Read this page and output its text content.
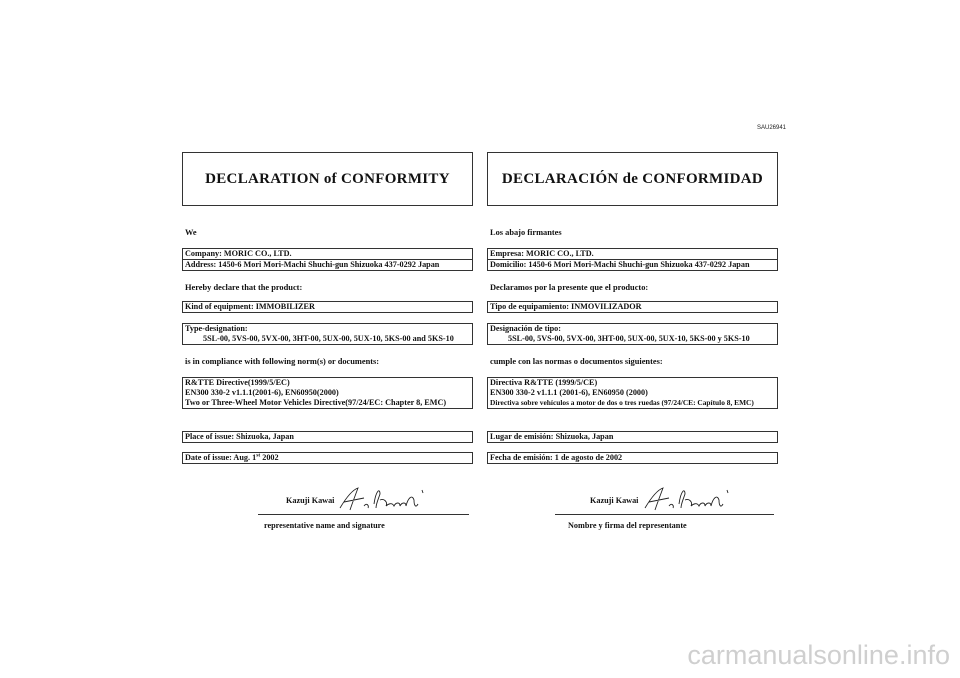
SAU26941
DECLARATION of CONFORMITY
We
Company: MORIC CO., LTD.
Address: 1450-6 Mori Mori-Machi Shuchi-gun Shizuoka 437-0292 Japan
Hereby declare that the product:
Kind of equipment: IMMOBILIZER
Type-designation:
5SL-00, 5VS-00, 5VX-00, 3HT-00, 5UX-00, 5UX-10, 5KS-00 and 5KS-10
is in compliance with following norm(s) or documents:
R&TTE Directive(1999/5/EC)
EN300 330-2 v1.1.1(2001-6), EN60950(2000)
Two or Three-Wheel Motor Vehicles Directive(97/24/EC: Chapter 8, EMC)
Place of issue: Shizuoka, Japan
Date of issue: Aug. 1st 2002
Kazuji Kawai
representative name and signature
DECLARACIÓN de CONFORMIDAD
Los abajo firmantes
Empresa: MORIC CO., LTD.
Domicilio: 1450-6 Mori Mori-Machi Shuchi-gun Shizuoka 437-0292 Japan
Declaramos por la presente que el producto:
Tipo de equipamiento: INMOVILIZADOR
Designación de tipo:
5SL-00, 5VS-00, 5VX-00, 3HT-00, 5UX-00, 5UX-10, 5KS-00 y 5KS-10
cumple con las normas o documentos siguientes:
Directiva R&TTE (1999/5/CE)
EN300 330-2 v1.1.1 (2001-6), EN60950 (2000)
Directiva sobre vehículos a motor de dos o tres ruedas (97/24/CE: Capítulo 8, EMC)
Lugar de emisión: Shizuoka, Japan
Fecha de emisión: 1 de agosto de 2002
Kazuji Kawai
Nombre y firma del representante
carmanualsonline.info
